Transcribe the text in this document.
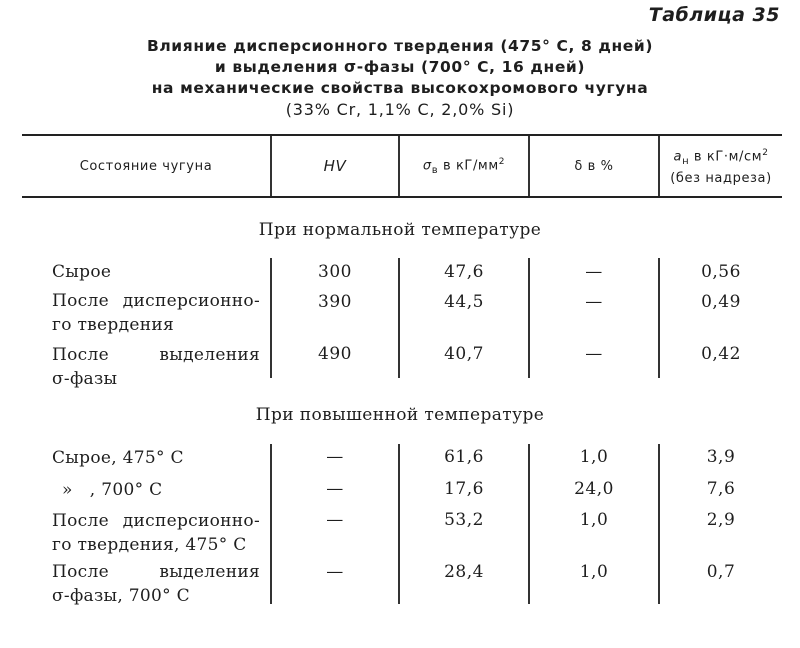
Таблица 35
Влияние дисперсионного твердения (475° С, 8 дней)
и выделения σ-фазы (700° С, 16 дней)
на механические свойства высокохромового чугуна
(33% Cr, 1,1% С, 2,0% Si)
Состояние чугуна	HV	$\sigma_в$ в $кГ/мм^2$	δ в %
$a_н$ в $кГ\cdot м/см^2$
(без надреза)
При нормальной температуре
При повышенной температуре
Сырое	300	47,6	—	0,56
После дисперсионно-
го твердения
390	44,5	—	0,49
После выделения
σ-фазы
490	40,7	—	0,42
Сырое, 475° С	—	61,6	1,0	3,9
»   , 700° С	—	17,6	24,0	7,6
После дисперсионно-
го твердения, 475° С
—	53,2	1,0	2,9
После выделения
σ-фазы, 700° С
—	28,4	1,0	0,7
